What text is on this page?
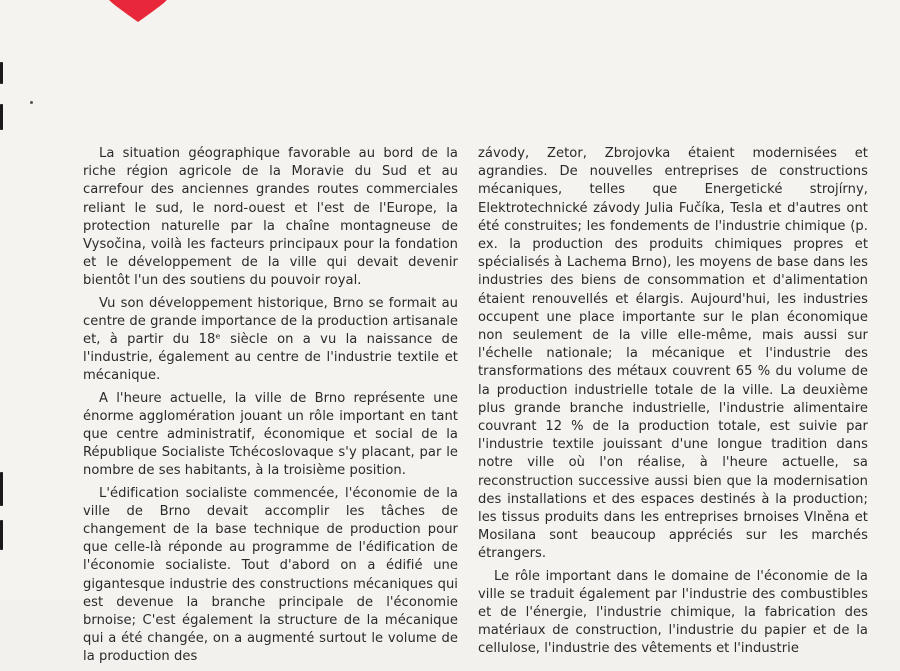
La situation géographique favorable au bord de la riche région agricole de la Moravie du Sud et au carrefour des anciennes grandes routes commerciales reliant le sud, le nord-ouest et l'est de l'Europe, la protection naturelle par la chaîne montagneuse de Vysočina, voilà les facteurs principaux pour la fondation et le développement de la ville qui devait devenir bientôt l'un des soutiens du pouvoir royal.

Vu son développement historique, Brno se formait au centre de grande importance de la production artisanale et, à partir du 18ᵉ siècle on a vu la naissance de l'industrie, également au centre de l'industrie textile et mécanique.

A l'heure actuelle, la ville de Brno représente une énorme agglomération jouant un rôle important en tant que centre administratif, économique et social de la République Socialiste Tchécoslovaque s'y placant, par le nombre de ses habitants, à la troisième position.

L'édification socialiste commencée, l'économie de la ville de Brno devait accomplir les tâches de changement de la base technique de production pour que celle-là réponde au programme de l'édification de l'économie socialiste. Tout d'abord on a édifié une gigantesque industrie des constructions mécaniques qui est devenue la branche principale de l'économie brnoise; C'est également la structure de la mécanique qui a été changée, on a augmenté surtout le volume de la production des

závody, Zetor, Zbrojovka étaient modernisées et agrandies. De nouvelles entreprises de constructions mécaniques, telles que Energetické strojírny, Elektrotechnické závody Julia Fučíka, Tesla et d'autres ont été construites; les fondements de l'industrie chimique (p. ex. la production des produits chimiques propres et spécialisés à Lachema Brno), les moyens de base dans les industries des biens de consommation et d'alimentation étaient renouvellés et élargis. Aujourd'hui, les industries occupent une place importante sur le plan économique non seulement de la ville elle-même, mais aussi sur l'échelle nationale; la mécanique et l'industrie des transformations des métaux couvrent 65 % du volume de la production industrielle totale de la ville. La deuxième plus grande branche industrielle, l'industrie alimentaire couvrant 12 % de la production totale, est suivie par l'industrie textile jouissant d'une longue tradition dans notre ville où l'on réalise, à l'heure actuelle, sa reconstruction successive aussi bien que la modernisation des installations et des espaces destinés à la production; les tissus produits dans les entreprises brnoises Vlněna et Mosilana sont beaucoup appréciés sur les marchés étrangers.

Le rôle important dans le domaine de l'économie de la ville se traduit également par l'industrie des combustibles et de l'énergie, l'industrie chimique, la fabrication des matériaux de construction, l'industrie du papier et de la cellulose, l'industrie des vêtements et l'industrie
